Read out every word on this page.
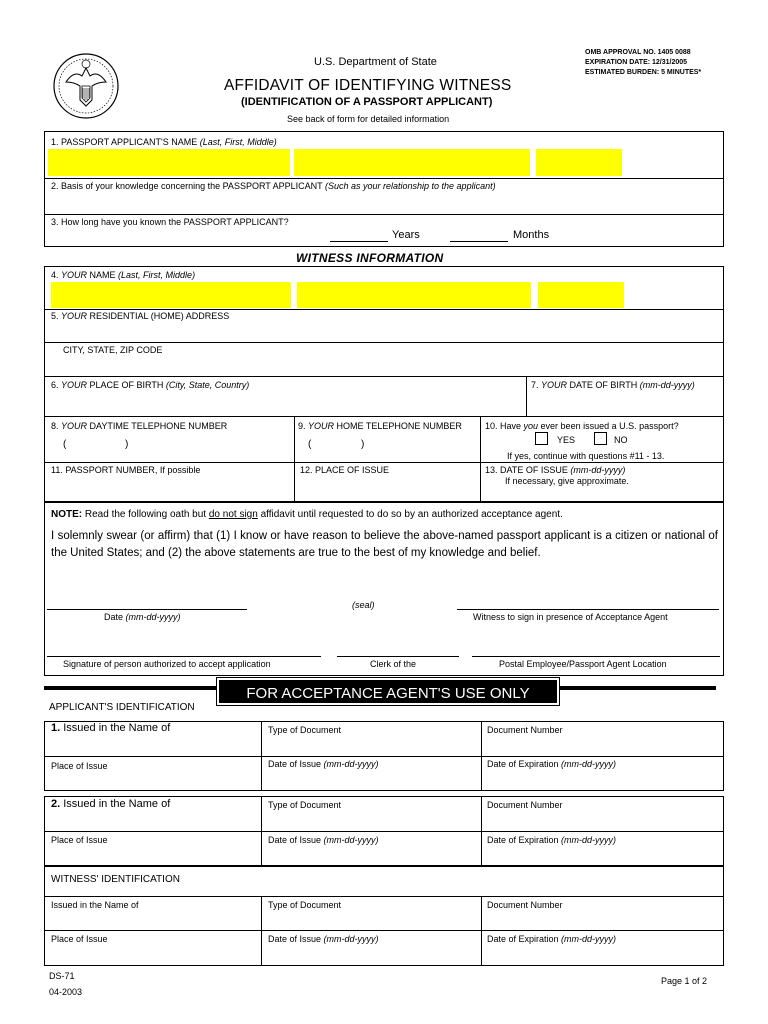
U.S. Department of State
AFFIDAVIT OF IDENTIFYING WITNESS
(IDENTIFICATION OF A PASSPORT APPLICANT)
See back of form for detailed information
OMB APPROVAL NO. 1405 0088
EXPIRATION DATE: 12/31/2005
ESTIMATED BURDEN: 5 MINUTES*
1. PASSPORT APPLICANT'S NAME (Last, First, Middle)
2. Basis of your knowledge concerning the PASSPORT APPLICANT (Such as your relationship to the applicant)
3. How long have you known the PASSPORT APPLICANT?
Years	Months
WITNESS INFORMATION
4. YOUR NAME (Last, First, Middle)
5. YOUR RESIDENTIAL (HOME) ADDRESS
CITY, STATE, ZIP CODE
6. YOUR PLACE OF BIRTH (City, State, Country)	7. YOUR DATE OF BIRTH (mm-dd-yyyy)
8. YOUR DAYTIME TELEPHONE NUMBER
(	)
9. YOUR HOME TELEPHONE NUMBER
(	)
10. Have you ever been issued a U.S. passport?
YES	NO
If yes, continue with questions #11 - 13.
11. PASSPORT NUMBER, If possible	12. PLACE OF ISSUE	13. DATE OF ISSUE (mm-dd-yyyy)
If necessary, give approximate.
NOTE: Read the following oath but do not sign affidavit until requested to do so by an authorized acceptance agent.
I solemnly swear (or affirm) that (1) I know or have reason to believe the above-named passport applicant is a citizen or national of the United States; and (2) the above statements are true to the best of my knowledge and belief.
(seal)
Date (mm-dd-yyyy)	Witness to sign in presence of Acceptance Agent
Signature of person authorized to accept application	Clerk of the	Postal Employee/Passport Agent Location
FOR ACCEPTANCE AGENT'S USE ONLY
APPLICANT'S IDENTIFICATION
1. Issued in the Name of	Type of Document	Document Number
Place of Issue	Date of Issue (mm-dd-yyyy)	Date of Expiration (mm-dd-yyyy)
2. Issued in the Name of	Type of Document	Document Number
Place of Issue	Date of Issue (mm-dd-yyyy)	Date of Expiration (mm-dd-yyyy)
WITNESS' IDENTIFICATION
Issued in the Name of	Type of Document	Document Number
Place of Issue	Date of Issue (mm-dd-yyyy)	Date of Expiration (mm-dd-yyyy)
DS-71
04-2003
Page 1 of 2
